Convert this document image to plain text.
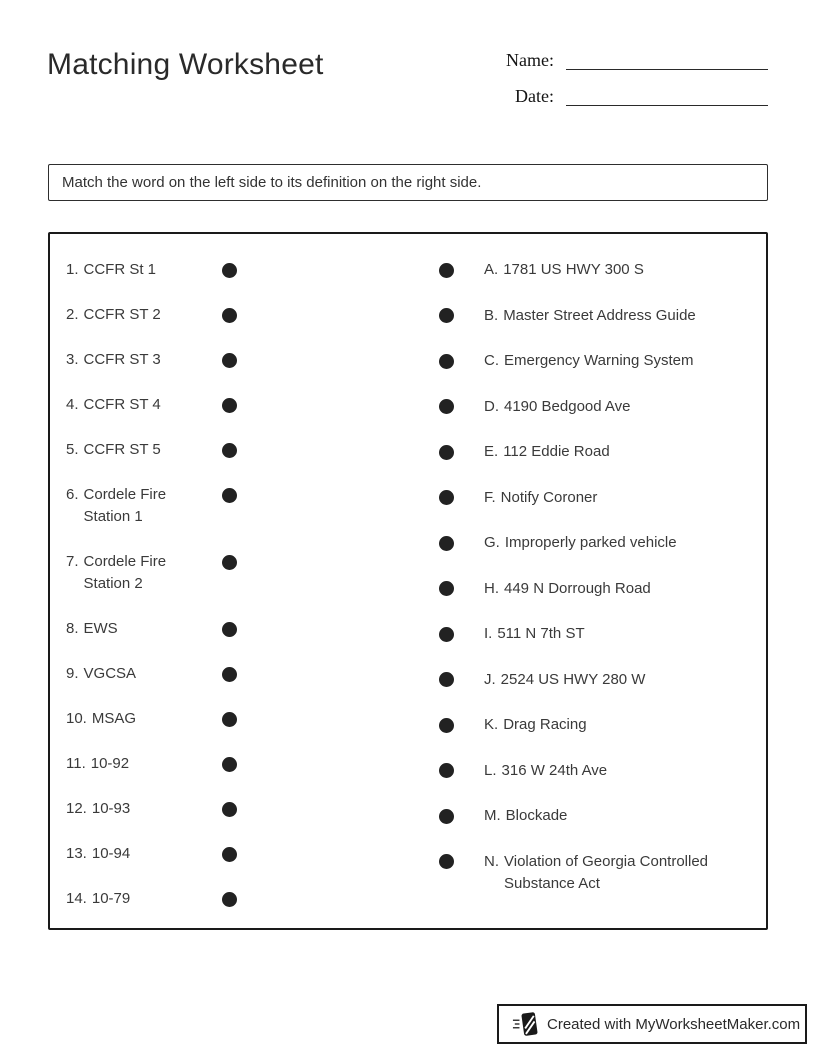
Matching Worksheet	Name:
Date:
Match the word on the left side to its definition on the right side.
1. CCFR St 1
2. CCFR ST 2
3. CCFR ST 3
4. CCFR ST 4
5. CCFR ST 5
6. Cordele Fire Station 1
7. Cordele Fire Station 2
8. EWS
9. VGCSA
10. MSAG
11. 10-92
12. 10-93
13. 10-94
14. 10-79
A. 1781 US HWY 300 S
B. Master Street Address Guide
C. Emergency Warning System
D. 4190 Bedgood Ave
E. 112 Eddie Road
F. Notify Coroner
G. Improperly parked vehicle
H. 449 N Dorrough Road
I. 511 N 7th ST
J. 2524 US HWY 280 W
K. Drag Racing
L. 316 W 24th Ave
M. Blockade
N. Violation of Georgia Controlled Substance Act
Created with MyWorksheetMaker.com
